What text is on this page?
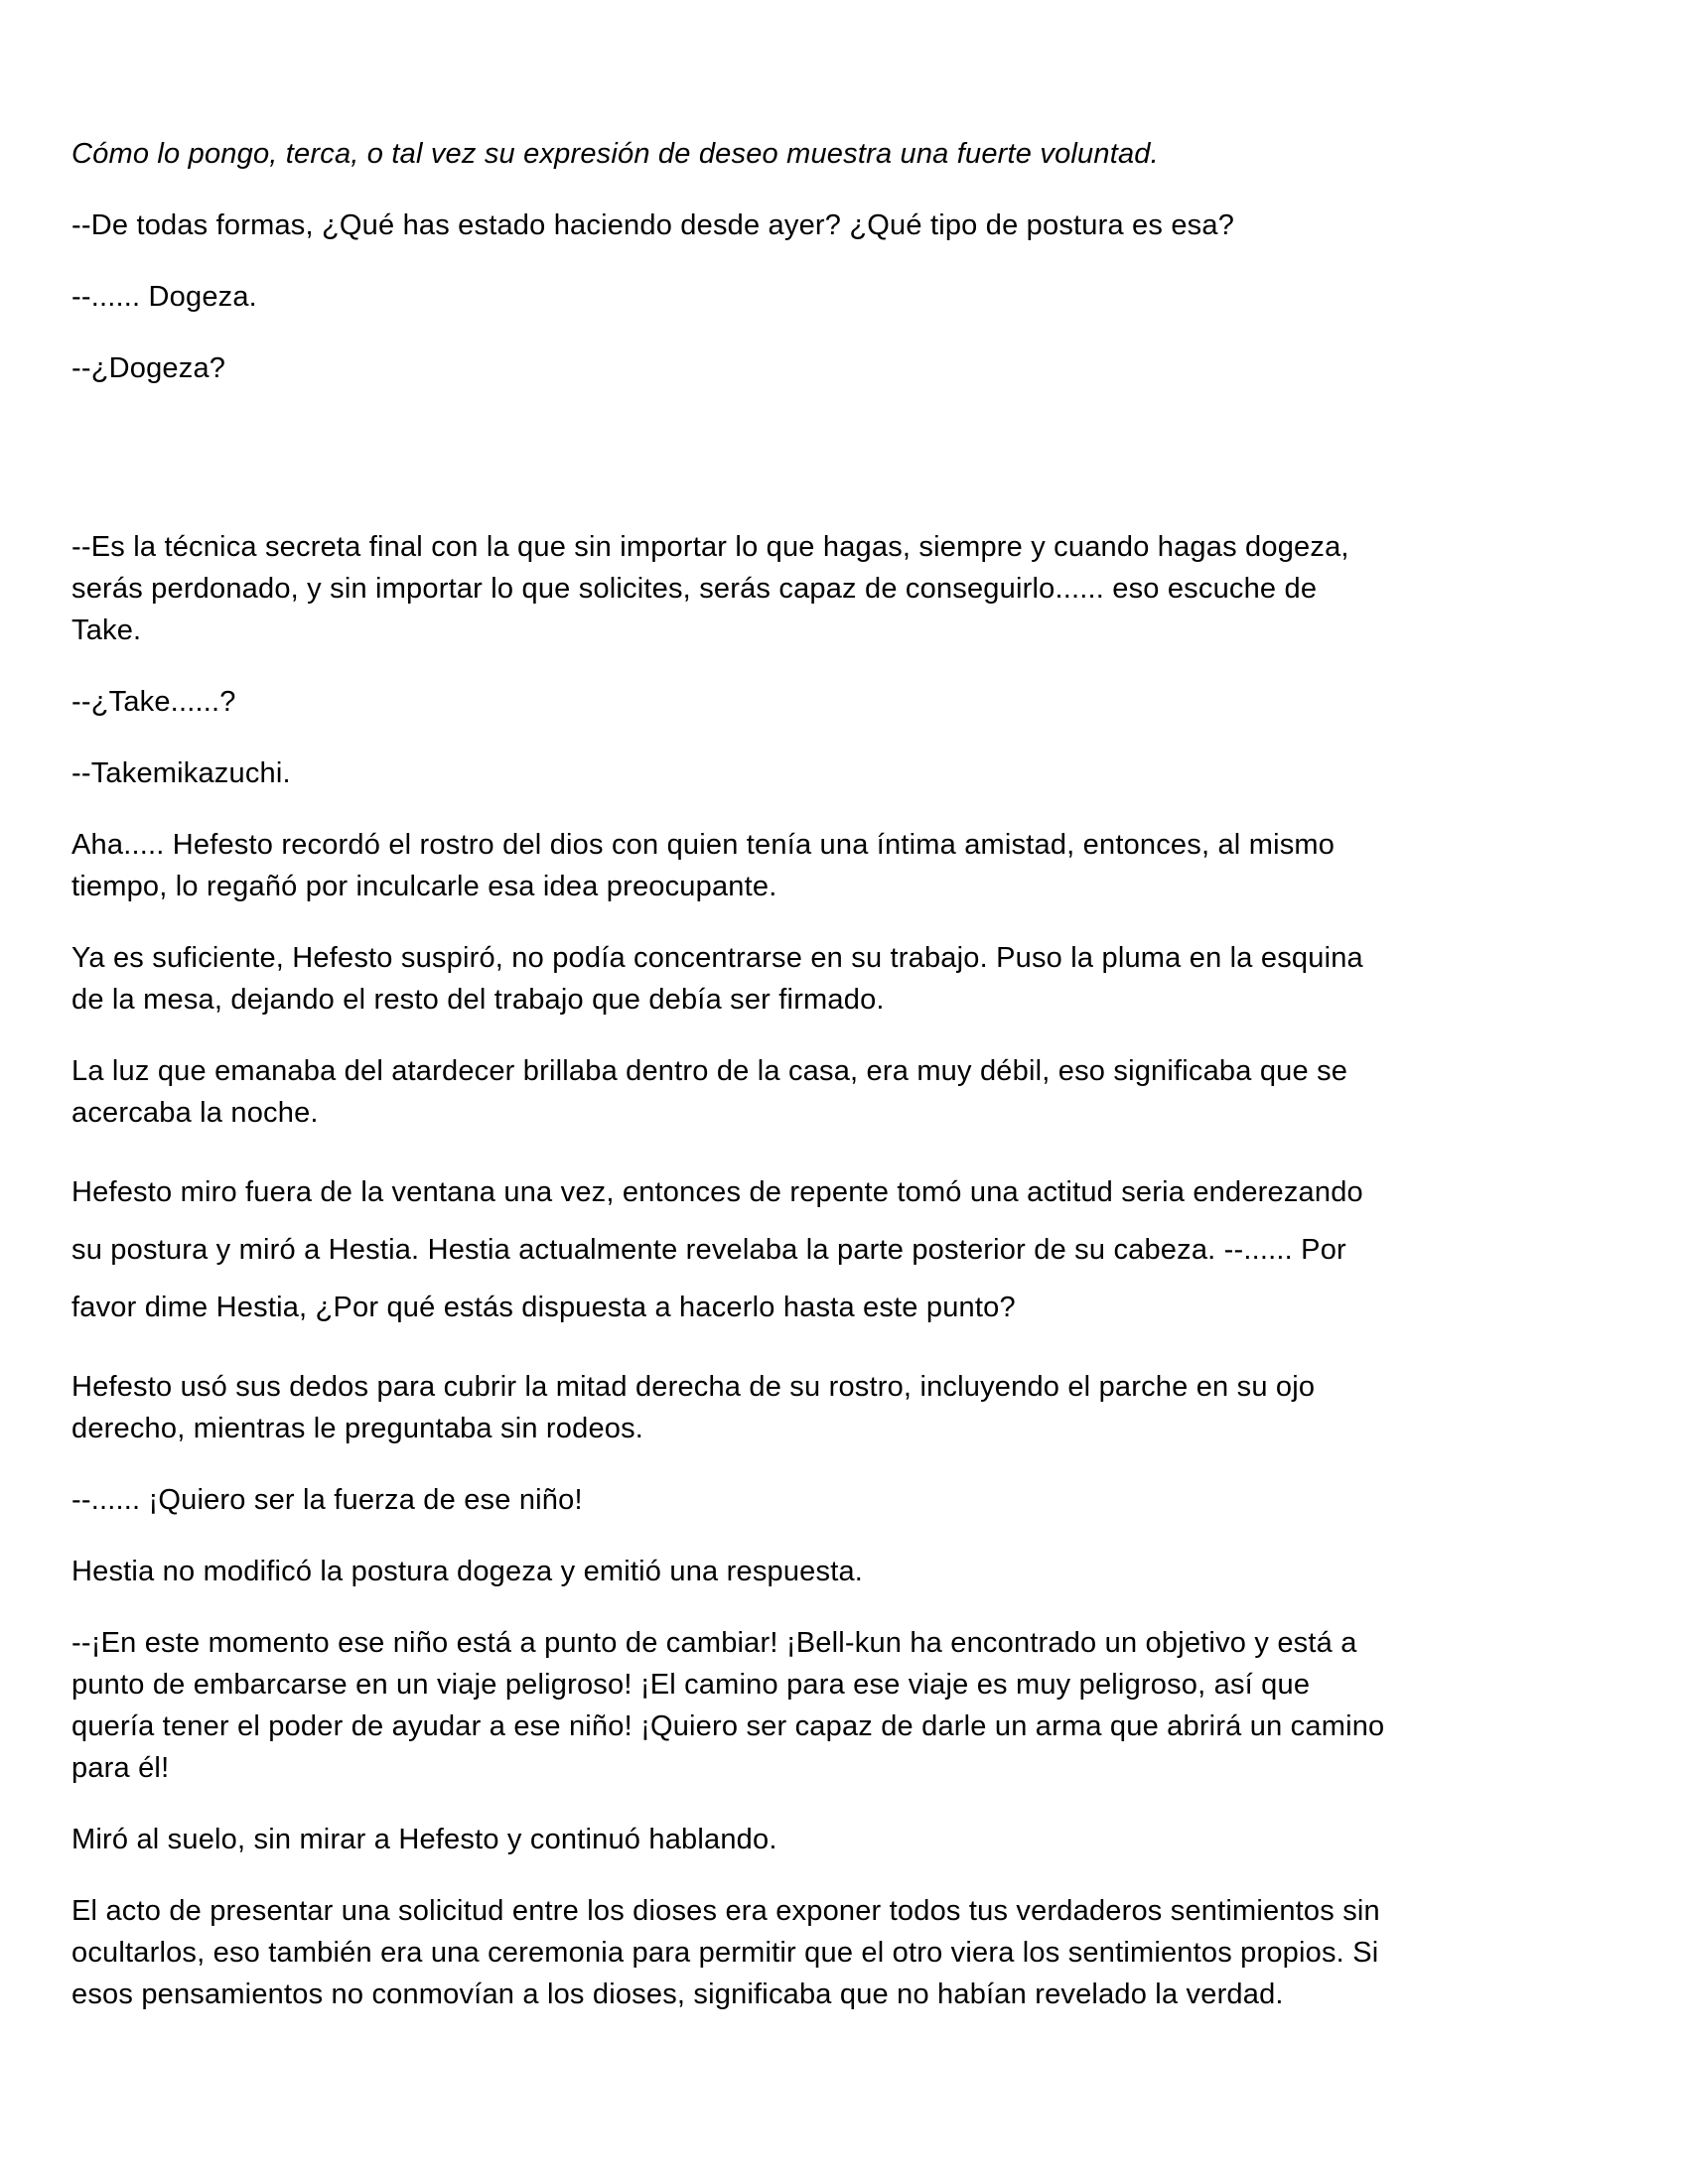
Cómo lo pongo, terca, o tal vez su expresión de deseo muestra una fuerte voluntad.

--De todas formas, ¿Qué has estado haciendo desde ayer? ¿Qué tipo de postura es esa?

--...... Dogeza.

--¿Dogeza?

--Es la técnica secreta final con la que sin importar lo que hagas, siempre y cuando hagas dogeza,
serás perdonado, y sin importar lo que solicites, serás capaz de conseguirlo...... eso escuche de
Take.

--¿Take......?

--Takemikazuchi.

Aha..... Hefesto recordó el rostro del dios con quien tenía una íntima amistad, entonces, al mismo
tiempo, lo regañó por inculcarle esa idea preocupante.

Ya es suficiente, Hefesto suspiró, no podía concentrarse en su trabajo. Puso la pluma en la esquina
de la mesa, dejando el resto del trabajo que debía ser firmado.

La luz que emanaba del atardecer brillaba dentro de la casa, era muy débil, eso significaba que se
acercaba la noche.

Hefesto miro fuera de la ventana una vez, entonces de repente tomó una actitud seria enderezando
su postura y miró a Hestia. Hestia actualmente revelaba la parte posterior de su cabeza. --...... Por
favor dime Hestia, ¿Por qué estás dispuesta a hacerlo hasta este punto?

Hefesto usó sus dedos para cubrir la mitad derecha de su rostro, incluyendo el parche en su ojo
derecho, mientras le preguntaba sin rodeos.

--...... ¡Quiero ser la fuerza de ese niño!

Hestia no modificó la postura dogeza y emitió una respuesta.

--¡En este momento ese niño está a punto de cambiar! ¡Bell-kun ha encontrado un objetivo y está a
punto de embarcarse en un viaje peligroso! ¡El camino para ese viaje es muy peligroso, así que
quería tener el poder de ayudar a ese niño! ¡Quiero ser capaz de darle un arma que abrirá un camino
para él!

Miró al suelo, sin mirar a Hefesto y continuó hablando.

El acto de presentar una solicitud entre los dioses era exponer todos tus verdaderos sentimientos sin
ocultarlos, eso también era una ceremonia para permitir que el otro viera los sentimientos propios. Si
esos pensamientos no conmovían a los dioses, significaba que no habían revelado la verdad.
